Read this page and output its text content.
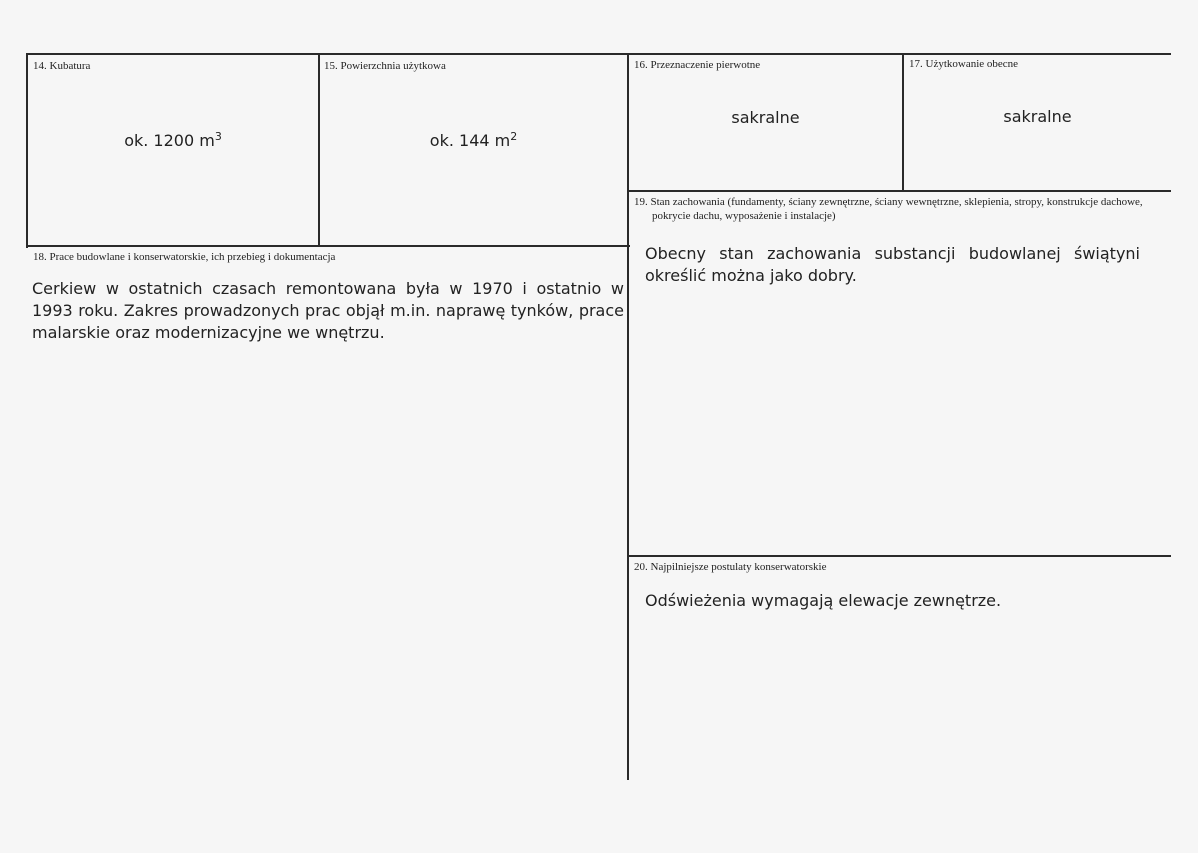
14. Kubatura
ok. 1200 $m^3$
15. Powierzchnia użytkowa
ok. 144 $m^2$
16. Przeznaczenie pierwotne
sakralne
17. Użytkowanie obecne
sakralne
18. Prace budowlane i konserwatorskie, ich przebieg i dokumentacja
Cerkiew w ostatnich czasach remontowana była w 1970 i ostatnio w 1993 roku. Zakres prowadzonych prac objął m.in. naprawę tynków, prace malarskie oraz modernizacyjne we wnętrzu.
19. Stan zachowania (fundamenty, ściany zewnętrzne, ściany wewnętrzne, sklepienia, stropy, konstrukcje dachowe, pokrycie dachu, wyposażenie i instalacje)
Obecny stan zachowania substancji budowlanej świątyni określić można jako dobry.
20. Najpilniejsze postulaty konserwatorskie
Odświeżenia wymagają elewacje zewnętrze.
